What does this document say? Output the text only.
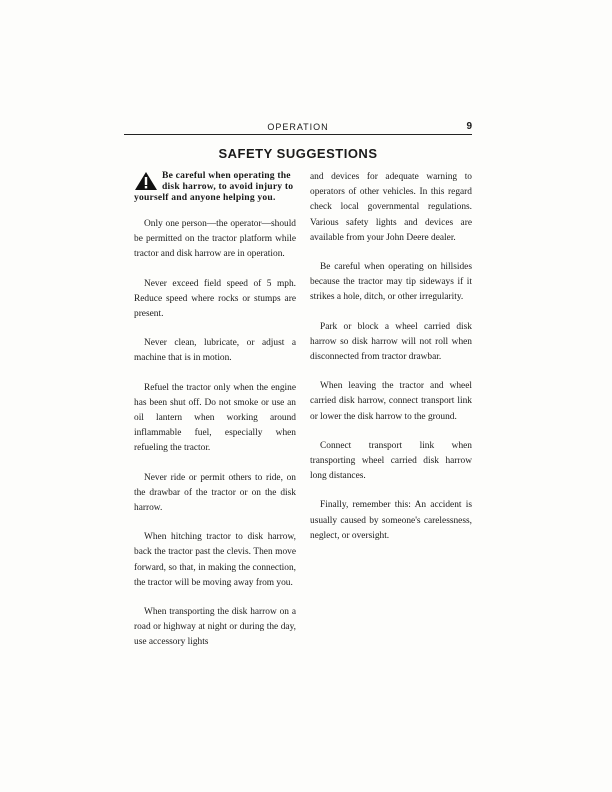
OPERATION	9
SAFETY SUGGESTIONS
Be careful when operating the disk harrow, to avoid injury to yourself and anyone helping you.

Only one person—the operator—should be permitted on the tractor platform while tractor and disk harrow are in operation.

Never exceed field speed of 5 mph. Reduce speed where rocks or stumps are present.

Never clean, lubricate, or adjust a machine that is in motion.

Refuel the tractor only when the engine has been shut off. Do not smoke or use an oil lantern when working around inflammable fuel, especially when refueling the tractor.

Never ride or permit others to ride, on the drawbar of the tractor or on the disk harrow.

When hitching tractor to disk harrow, back the tractor past the clevis. Then move forward, so that, in making the connection, the tractor will be moving away from you.

When transporting the disk harrow on a road or highway at night or during the day, use accessory lights

and devices for adequate warning to operators of other vehicles. In this regard check local governmental regulations. Various safety lights and devices are available from your John Deere dealer.

Be careful when operating on hillsides because the tractor may tip sideways if it strikes a hole, ditch, or other irregularity.

Park or block a wheel carried disk harrow so disk harrow will not roll when disconnected from tractor drawbar.

When leaving the tractor and wheel carried disk harrow, connect transport link or lower the disk harrow to the ground.

Connect transport link when transporting wheel carried disk harrow long distances.

Finally, remember this: An accident is usually caused by someone's carelessness, neglect, or oversight.
